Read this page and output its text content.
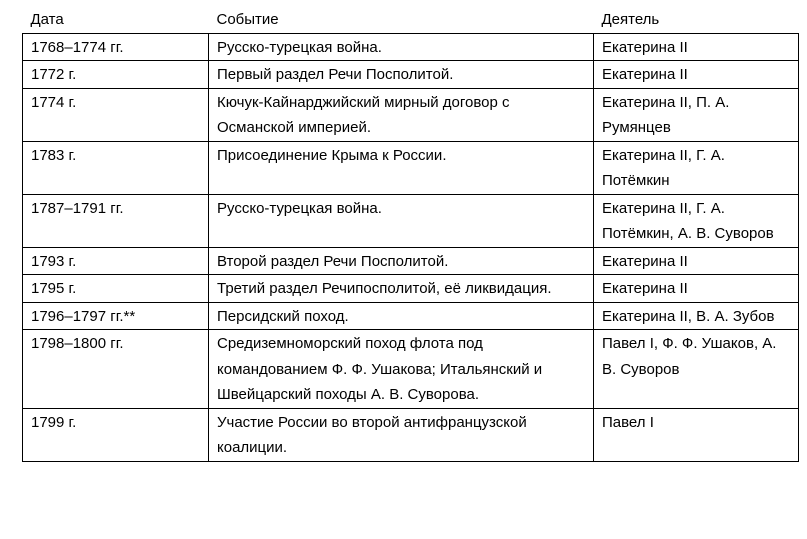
Дата	Событие	Деятель
1768–1774 гг.	Русско-турецкая война.	Екатерина II
1772 г.	Первый раздел Речи Посполитой.	Екатерина II
1774 г.	Кючук-Кайнарджийский мирный договор с Османской империей.	Екатерина II, П. А. Румянцев
1783 г.	Присоединение Крыма к России.	Екатерина II, Г. А. Потёмкин
1787–1791 гг.	Русско-турецкая война.	Екатерина II, Г. А. Потёмкин, А. В. Суворов
1793 г.	Второй раздел Речи Посполитой.	Екатерина II
1795 г.	Третий раздел Речипосполитой, её ликвидация.	Екатерина II
1796–1797 гг.**	Персидский поход.	Екатерина II, В. А. Зубов
1798–1800 гг.	Средиземноморский поход флота под командованием Ф. Ф. Ушакова; Итальянский и Швейцарский походы А. В. Суворова.	Павел I, Ф. Ф. Ушаков, А. В. Суворов
1799 г.	Участие России во второй антифранцузской коалиции.	Павел I
